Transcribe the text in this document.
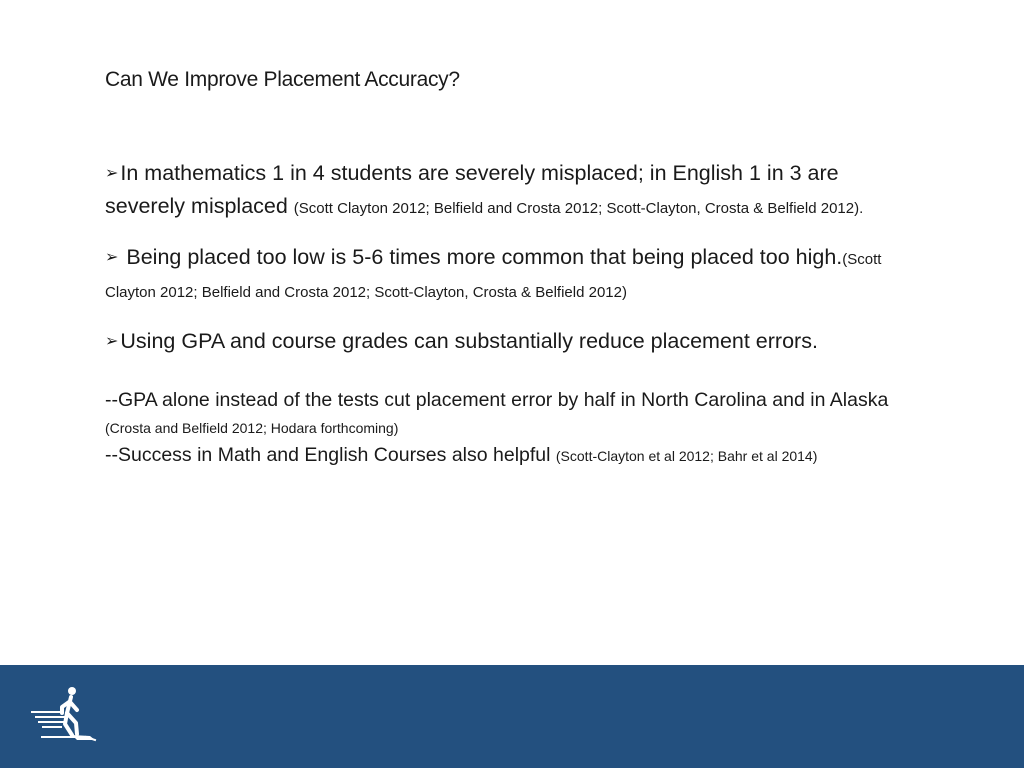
Can We Improve Placement Accuracy?

➢In mathematics 1 in 4 students are severely misplaced; in English 1 in 3 are severely misplaced (Scott Clayton 2012; Belfield and Crosta 2012; Scott-Clayton, Crosta & Belfield 2012).

➢ Being placed too low is 5-6 times more common that being placed too high.(Scott Clayton 2012; Belfield and Crosta 2012; Scott-Clayton, Crosta & Belfield 2012)

➢Using GPA and course grades can substantially reduce placement errors.

--GPA alone instead of the tests cut placement error by half in North Carolina and in Alaska (Crosta and Belfield 2012; Hodara forthcoming)

--Success in Math and English Courses also helpful (Scott-Clayton et al 2012; Bahr et al 2014)
